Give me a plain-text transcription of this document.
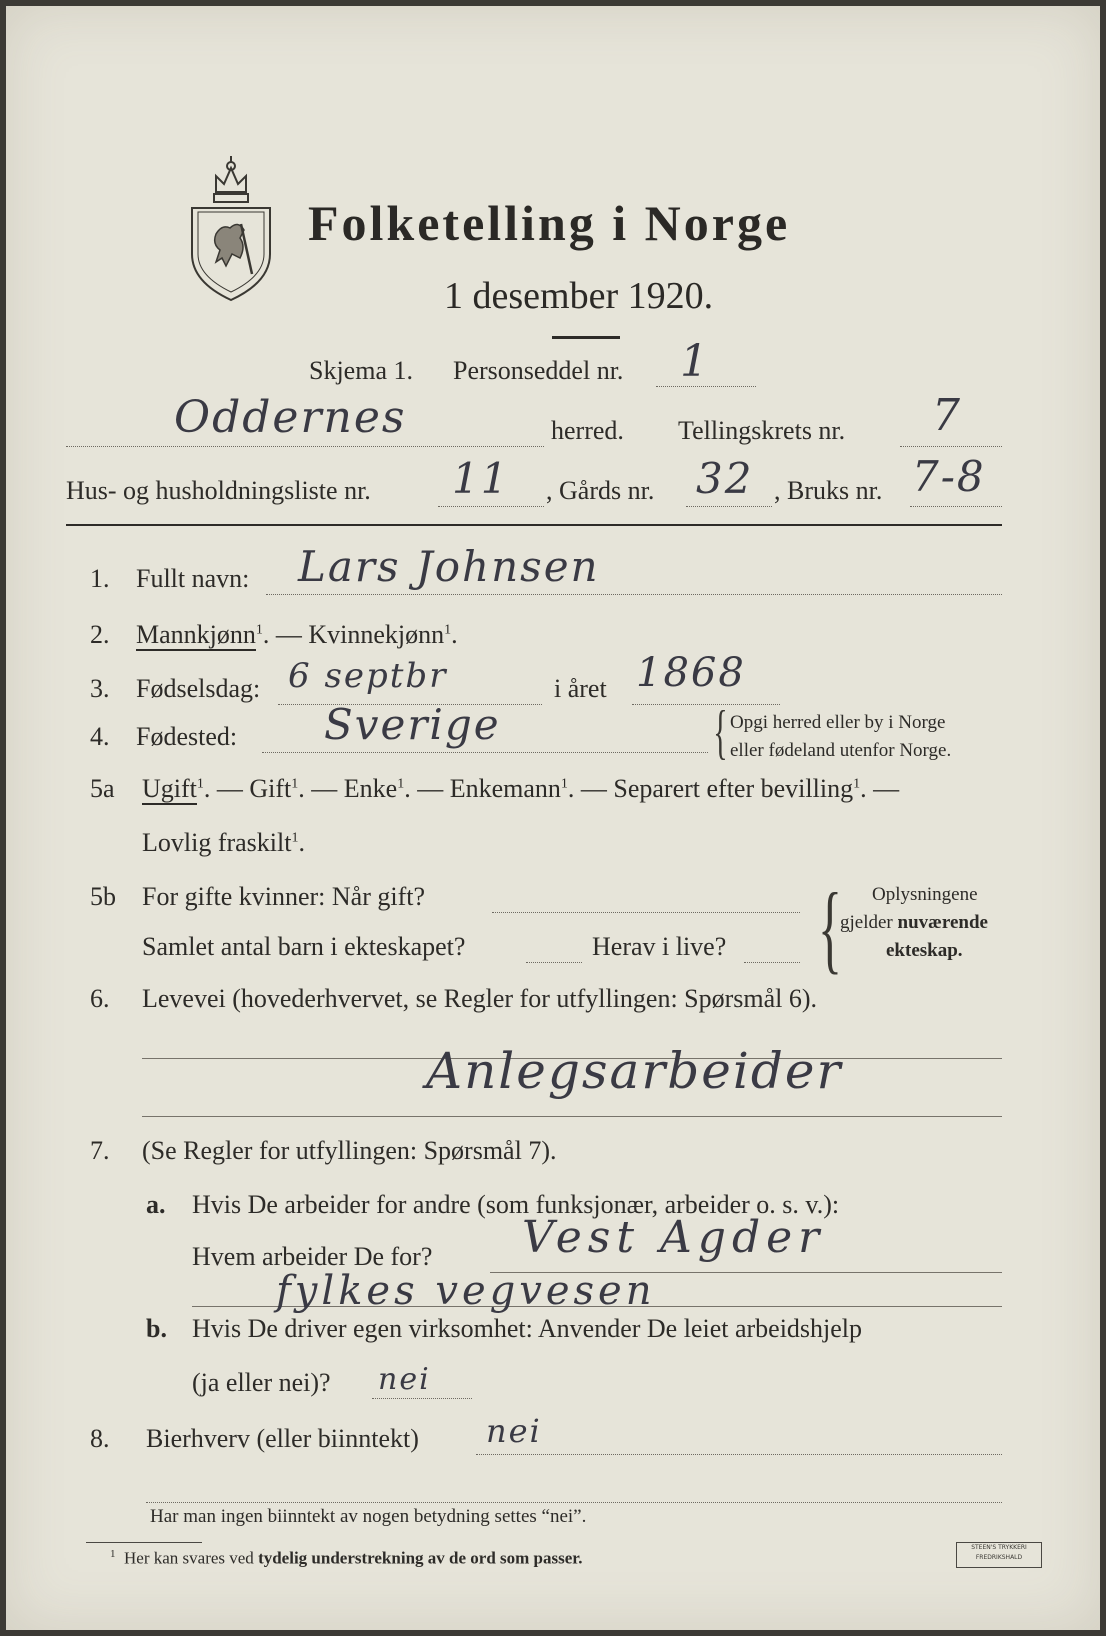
Folketelling i Norge
1 desember 1920.
Skjema 1. Personseddel nr. 1
Oddernes	herred. Tellingskrets nr. 7
Hus- og husholdningsliste nr. 11 , Gårds nr. 32 , Bruks nr. 7-8
1. Fullt navn: Lars Johnsen
2. Mannkjønn$^1$. — Kvinnekjønn$^1$.
3. Fødselsdag: 6 septbr	i året 1868
4. Fødested: Sverige	{ Opgi herred eller by i Norge
eller fødeland utenfor Norge.
5a Ugift$^1$. — Gift$^1$. — Enke$^1$. — Enkemann$^1$. — Separert efter bevilling$^1$. —
Lovlig fraskilt$^1$.
5b For gifte kvinner: Når gift?
Samlet antal barn i ekteskapet?	Herav i live? { Oplysningene
gjelder nuværende
ekteskap.
6. Levevei (hovederhvervet, se Regler for utfyllingen: Spørsmål 6).
Anlegsarbeider
7. (Se Regler for utfyllingen: Spørsmål 7).
a. Hvis De arbeider for andre (som funksjonær, arbeider o. s. v.):
Hvem arbeider De for? Vest Agder
fylkes vegvesen
b. Hvis De driver egen virksomhet: Anvender De leiet arbeidshjelp
(ja eller nei)? nei
8. Bierhverv (eller biinntekt) nei
Har man ingen biinntekt av nogen betydning settes “nei”.
$^1$ Her kan svares ved tydelig understrekning av de ord som passer.
STEEN'S TRYKKERI
FREDRIKSHALD
